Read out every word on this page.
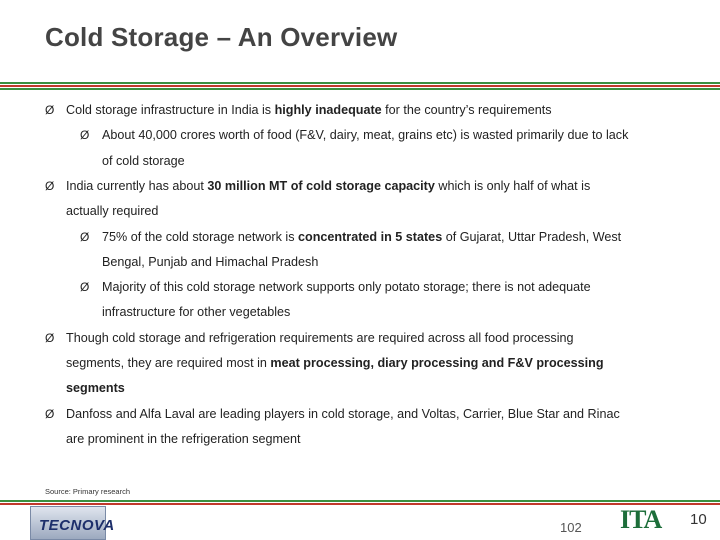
Cold Storage – An Overview
Ø Cold storage infrastructure in India is highly inadequate for the country’s requirements
Ø About 40,000 crores worth of food (F&V, dairy, meat, grains etc) is wasted primarily due to lack
of cold storage
Ø India currently has about 30 million MT of cold storage capacity which is only half of what is
actually required
Ø 75% of the cold storage network is concentrated in 5 states of Gujarat, Uttar Pradesh, West
Bengal, Punjab and Himachal Pradesh
Ø Majority of this cold storage network supports only potato storage; there is not adequate
infrastructure for other vegetables
Ø Though cold storage and refrigeration requirements are required across all food processing
segments, they are required most in meat processing, diary processing and F&V processing
segments
Ø Danfoss and Alfa Laval are leading players in cold storage, and Voltas, Carrier, Blue Star and Rinac
are prominent in the refrigeration segment
Source: Primary research
TECNOVA	102 ITA 10
